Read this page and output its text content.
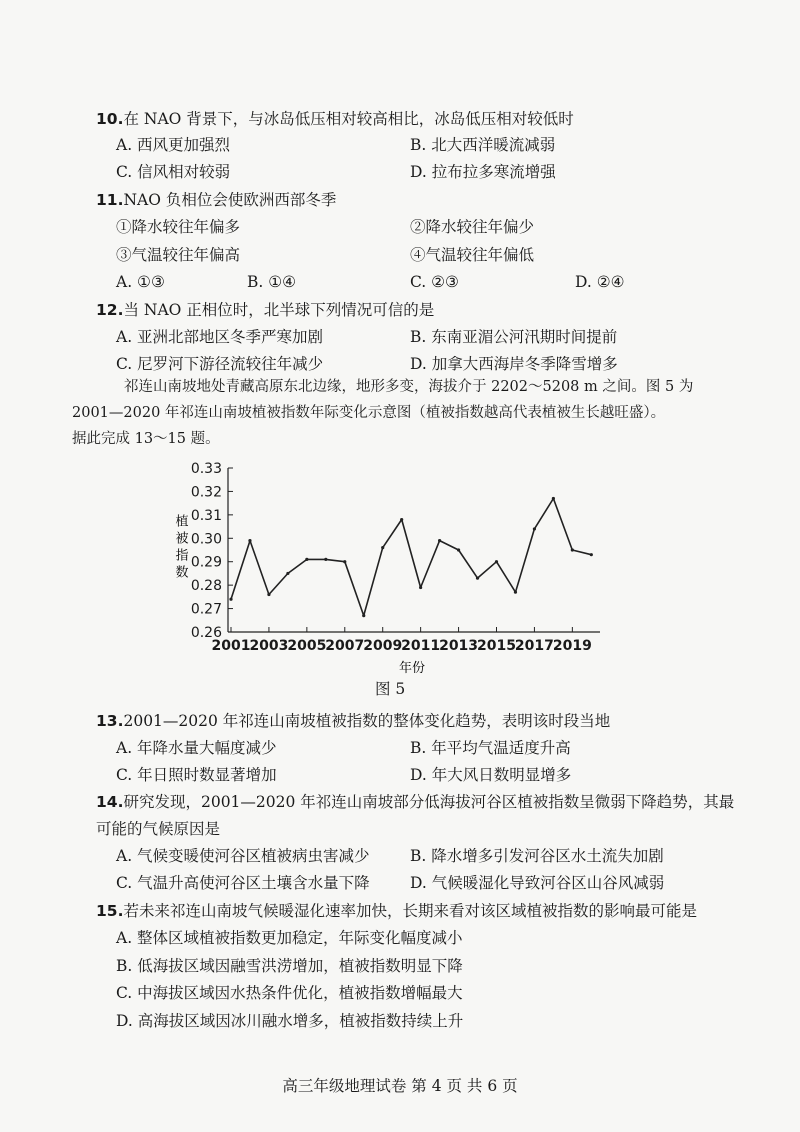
10.在 NAO 背景下，与冰岛低压相对较高相比，冰岛低压相对较低时
A. 西风更加强烈	B. 北大西洋暖流减弱
C. 信风相对较弱	D. 拉布拉多寒流增强
11.NAO 负相位会使欧洲西部冬季
①降水较往年偏多	②降水较往年偏少
③气温较往年偏高	④气温较往年偏低
A. ①③	B. ①④	C. ②③	D. ②④
12.当 NAO 正相位时，北半球下列情况可信的是
A. 亚洲北部地区冬季严寒加剧	B. 东南亚湄公河汛期时间提前
C. 尼罗河下游径流较往年减少	D. 加拿大西海岸冬季降雪增多

祁连山南坡地处青藏高原东北边缘，地形多变，海拔介于 2202～5208 m 之间。图 5 为

2001—2020 年祁连山南坡植被指数年际变化示意图（植被指数越高代表植被生长越旺盛）。

据此完成 13～15 题。

0.33
0.32
0.31
0.30
0.29
0.28
0.27
0.26
2001
2003
2005
2007
2009
2011
2013
2015
2017
2019
植被指数
年份
图 5
13.2001—2020 年祁连山南坡植被指数的整体变化趋势，表明该时段当地
A. 年降水量大幅度减少	B. 年平均气温适度升高
C. 年日照时数显著增加	D. 年大风日数明显增多
14.研究发现，2001—2020 年祁连山南坡部分低海拔河谷区植被指数呈微弱下降趋势，其最
可能的气候原因是
A. 气候变暖使河谷区植被病虫害减少	B. 降水增多引发河谷区水土流失加剧
C. 气温升高使河谷区土壤含水量下降	D. 气候暖湿化导致河谷区山谷风减弱
15.若未来祁连山南坡气候暖湿化速率加快，长期来看对该区域植被指数的影响最可能是
A. 整体区域植被指数更加稳定，年际变化幅度减小
B. 低海拔区域因融雪洪涝增加，植被指数明显下降
C. 中海拔区域因水热条件优化，植被指数增幅最大
D. 高海拔区域因冰川融水增多，植被指数持续上升
高三年级地理试卷 第 4 页 共 6 页
